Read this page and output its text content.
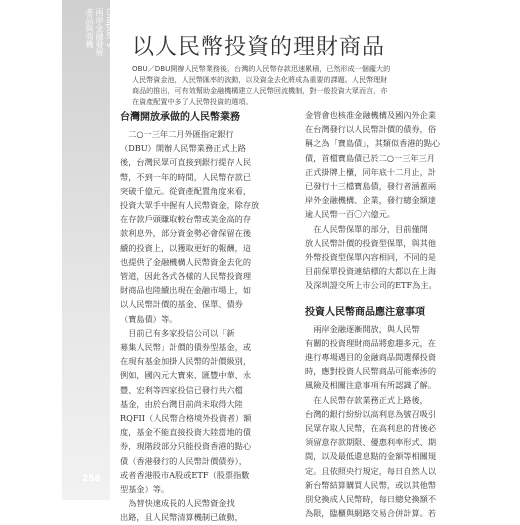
Chapter 9
兩岸金融發展
產品與商機
258
以人民幣投資的理財商品
OBU／DBU開辦人民幣業務後，台灣的人民幣存款迅速累積，已然形成一個龐大的
人民幣資金池，人民幣匯率的波動，以及資金去化將成為重要的課題。人民幣理財
商品的推出，可有效幫助金融機構建立人民幣回流機制，對一般投資大眾而言，亦
在資產配置中多了人民幣投資的選項。
台灣開放承做的人民幣業務
　二○一三年二月外匯指定銀行
（DBU）開辦人民幣業務正式上路
後，台灣民眾可直接到銀行提存人民
幣，不到一年的時間，人民幣存款已
突破千億元。從資產配置角度來看，
投資大眾手中握有人民幣資金，除存放
在存款戶頭賺取較台幣或美金高的存
款利息外，部分資金勢必會保留在後
續的投資上，以獲取更好的報酬，這
也提供了金融機構人民幣資金去化的
管道，因此各式各樣的人民幣投資理
財商品也陸續出現在金融市場上，如
以人民幣計價的基金、保單、債券
（寶島債）等。
　目前已有多家投信公司以「新
募集人民幣」計價的債券型基金，或
在現有基金加掛人民幣的計價級別，
例如，國內元大寶來、匯豐中華、永
豐、宏利等四家投信已發行共六檔
基金，由於台灣目前尚未取得大陸
RQFII（人民幣合格境外投資者）額
度，基金不能直接投資大陸當地的債
券，現階段部分只能投資香港的點心
債（香港發行的人民幣計價債券），
或者香港股市A股或ETF（股票指數
型基金）等。
　為替快速成長的人民幣資金找
出路，且人民幣清算機制已啟動，
金管會也核准金融機構及國內外企業
在台灣發行以人民幣計價的債券，俗
稱之為「寶島債」，其類似香港的點心
債，首檔寶島債已於二○一三年三月
正式掛牌上櫃，同年底十二月止，計
已發行十三檔寶島債，發行者涵蓋兩
岸外金融機構、企業，發行總金額達
逾人民幣一百〇六億元。
　在人民幣保單的部分，目前僅開
放人民幣計價的投資型保單，與其他
外幣投資型保單內容相同，不同的是
目前保單投資連結標的大都以在上海
及深圳證交所上市公司的ETF為主。
投資人民幣商品應注意事項
　兩岸金融逐漸開放，與人民幣
有關的投資理財商品將愈趨多元，在
進行專場遇目的金融商品間選擇投資
時，應對投資人民幣商品可能牽涉的
風險及相關注意事項有所認識了解。
　在人民幣存款業務正式上路後，
台灣的銀行紛紛以高利息為號召吸引
民眾存取人民幣，在高利息的背後必
須留意存款期限、優惠利率形式、期
間，以及最低還息點的金額等相關規
定。且依照央行規定，每日自然人以
新台幣結算購買人民幣，或以其他幣
別兌換成人民幣時，每日總兌換額不
為限，臨櫃與網路交易合併計算。若
